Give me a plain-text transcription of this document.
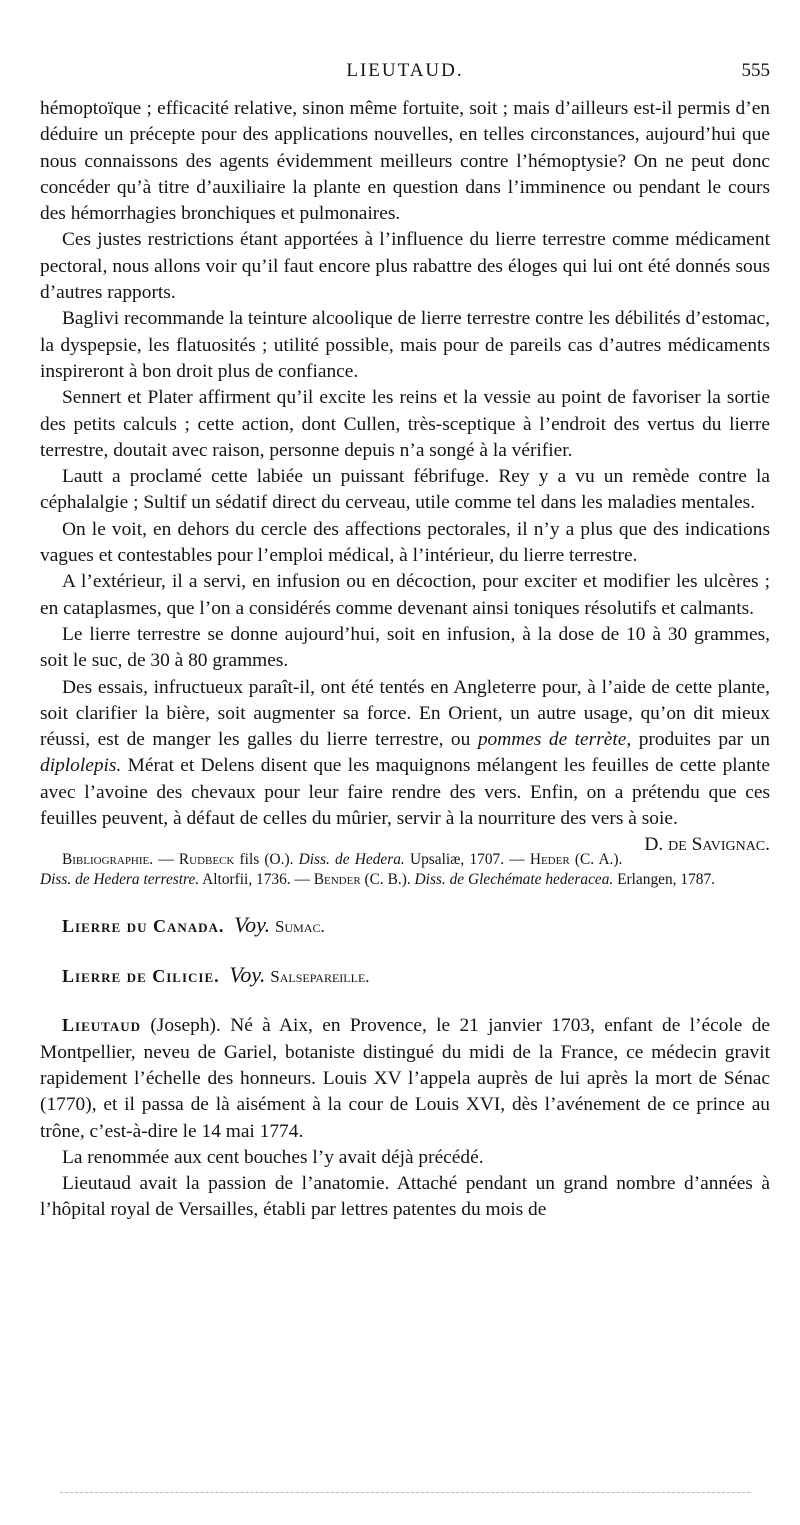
LIEUTAUD.	555

hémoptoïque ; efficacité relative, sinon même fortuite, soit ; mais d’ailleurs est-il permis d’en déduire un précepte pour des applications nouvelles, en telles circonstances, aujourd’hui que nous connaissons des agents évidemment meilleurs contre l’hémoptysie? On ne peut donc concéder qu’à titre d’auxiliaire la plante en question dans l’imminence ou pendant le cours des hémorrhagies bronchiques et pulmonaires.

Ces justes restrictions étant apportées à l’influence du lierre terrestre comme médicament pectoral, nous allons voir qu’il faut encore plus rabattre des éloges qui lui ont été donnés sous d’autres rapports.

Baglivi recommande la teinture alcoolique de lierre terrestre contre les débilités d’estomac, la dyspepsie, les flatuosités ; utilité possible, mais pour de pareils cas d’autres médicaments inspireront à bon droit plus de confiance.

Sennert et Plater affirment qu’il excite les reins et la vessie au point de favoriser la sortie des petits calculs ; cette action, dont Cullen, très-sceptique à l’endroit des vertus du lierre terrestre, doutait avec raison, personne depuis n’a songé à la vérifier.

Lautt a proclamé cette labiée un puissant fébrifuge. Rey y a vu un remède contre la céphalalgie ; Sultif un sédatif direct du cerveau, utile comme tel dans les maladies mentales.

On le voit, en dehors du cercle des affections pectorales, il n’y a plus que des indications vagues et contestables pour l’emploi médical, à l’intérieur, du lierre terrestre.

A l’extérieur, il a servi, en infusion ou en décoction, pour exciter et modifier les ulcères ; en cataplasmes, que l’on a considérés comme devenant ainsi toniques résolutifs et calmants.

Le lierre terrestre se donne aujourd’hui, soit en infusion, à la dose de 10 à 30 grammes, soit le suc, de 30 à 80 grammes.

Des essais, infructueux paraît-il, ont été tentés en Angleterre pour, à l’aide de cette plante, soit clarifier la bière, soit augmenter sa force. En Orient, un autre usage, qu’on dit mieux réussi, est de manger les galles du lierre terrestre, ou pommes de terrète, produites par un diplolepis. Mérat et Delens disent que les maquignons mélangent les feuilles de cette plante avec l’avoine des chevaux pour leur faire rendre des vers. Enfin, on a prétendu que ces feuilles peuvent, à défaut de celles du mûrier, servir à la nourriture des vers à soie.
D. de Savignac.

Bibliographie. — Rudbeck fils (O.). Diss. de Hedera. Upsaliæ, 1707. — Heder (C. A.). Diss. de Hedera terrestre. Altorfii, 1736. — Bender (C. B.). Diss. de Glechémate hederacea. Erlangen, 1787.

Lierre du Canada. Voy. Sumac.

Lierre de Cilicie. Voy. Salsepareille.

Lieutaud (Joseph). Né à Aix, en Provence, le 21 janvier 1703, enfant de l’école de Montpellier, neveu de Gariel, botaniste distingué du midi de la France, ce médecin gravit rapidement l’échelle des honneurs. Louis XV l’appela auprès de lui après la mort de Sénac (1770), et il passa de là aisément à la cour de Louis XVI, dès l’avénement de ce prince au trône, c’est-à-dire le 14 mai 1774.

La renommée aux cent bouches l’y avait déjà précédé.

Lieutaud avait la passion de l’anatomie. Attaché pendant un grand nombre d’années à l’hôpital royal de Versailles, établi par lettres patentes du mois de
